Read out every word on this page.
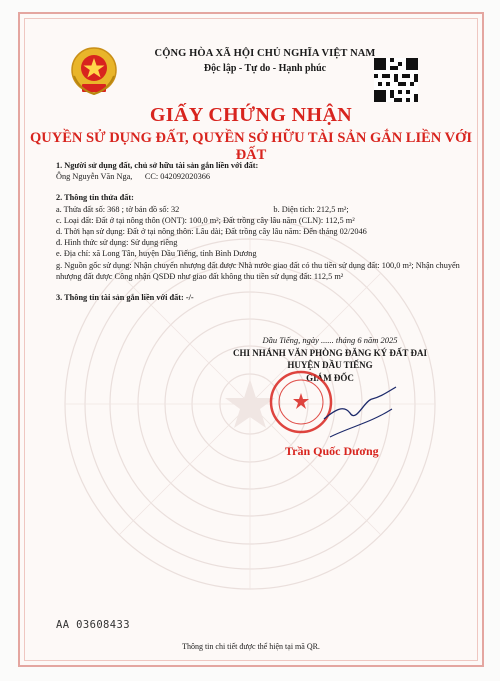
CỘNG HÒA XÃ HỘI CHỦ NGHĨA VIỆT NAM
Độc lập - Tự do - Hạnh phúc
GIẤY CHỨNG NHẬN
QUYỀN SỬ DỤNG ĐẤT, QUYỀN SỞ HỮU TÀI SẢN GẮN LIỀN VỚI ĐẤT
1. Người sử dụng đất, chủ sở hữu tài sản gắn liền với đất:
Ông Nguyễn Văn Nga, CC: 042092020366
2. Thông tin thửa đất:
a. Thửa đất số: 368 ; tờ bản đồ số: 32	b. Diện tích: 212,5 m²;
c. Loại đất: Đất ở tại nông thôn (ONT): 100,0 m²; Đất trồng cây lâu năm (CLN): 112,5 m²
d. Thời hạn sử dụng: Đất ở tại nông thôn: Lâu dài; Đất trồng cây lâu năm: Đến tháng 02/2046
đ. Hình thức sử dụng: Sử dụng riêng
e. Địa chỉ: xã Long Tân, huyện Dầu Tiếng, tỉnh Bình Dương
g. Nguồn gốc sử dụng: Nhận chuyển nhượng đất được Nhà nước giao đất có thu tiền sử dụng đất: 100,0 m²; Nhận chuyển nhượng đất được Công nhận QSDĐ như giao đất không thu tiền sử dụng đất: 112,5 m²
3. Thông tin tài sản gắn liền với đất: -/-
Dầu Tiếng, ngày ...... tháng 6 năm 2025
CHI NHÁNH VĂN PHÒNG ĐĂNG KÝ ĐẤT ĐAI
HUYỆN DẦU TIẾNG
GIÁM ĐỐC
Trần Quốc Dương
AA 03608433
Thông tin chi tiết được thể hiện tại mã QR.
